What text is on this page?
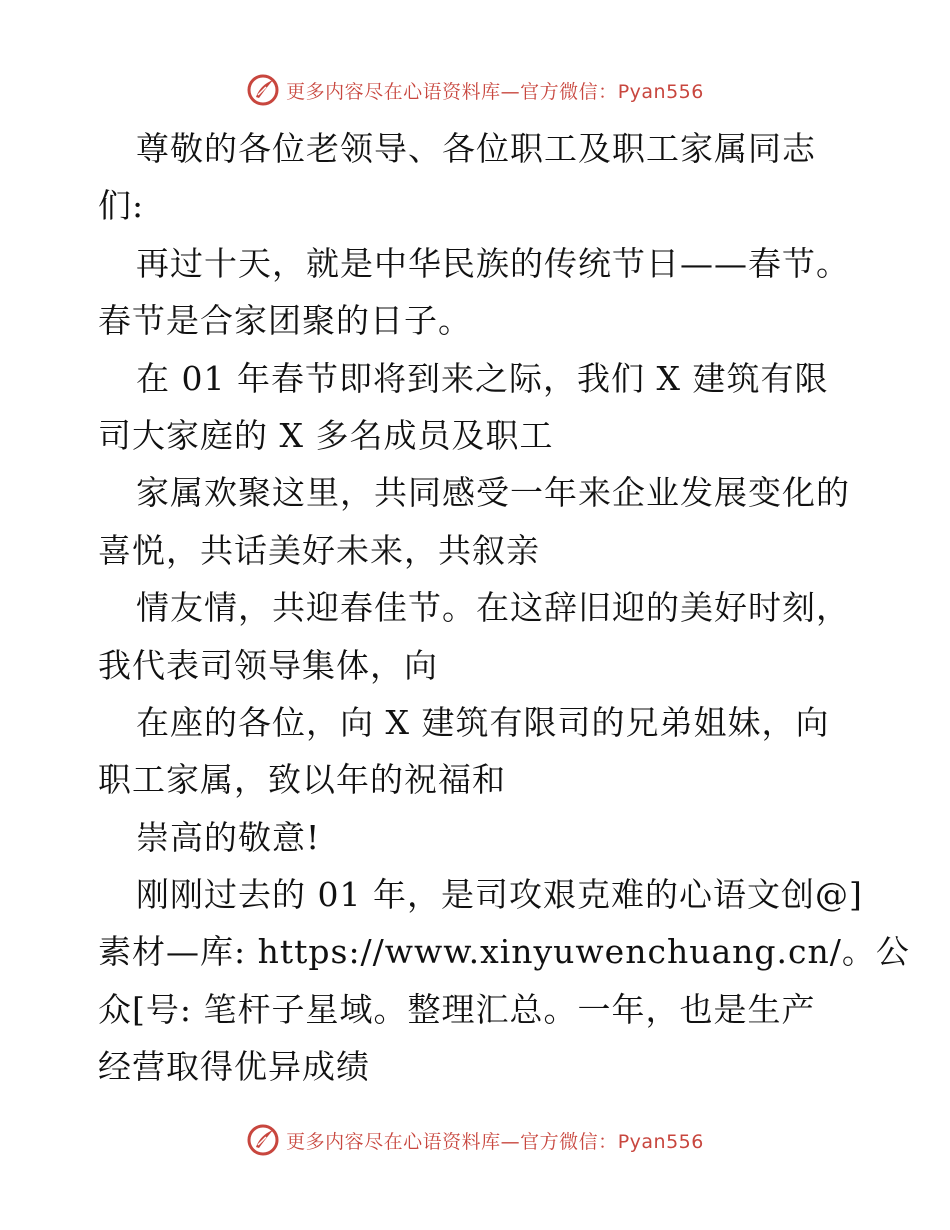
更多内容尽在心语资料库—官方微信：Pyan556
尊敬的各位老领导、各位职工及职工家属同志
们:
再过十天，就是中华民族的传统节日——春节。
春节是合家团聚的日子。
在 01 年春节即将到来之际，我们 X 建筑有限
司大家庭的 X 多名成员及职工
家属欢聚这里，共同感受一年来企业发展变化的
喜悦，共话美好未来，共叙亲
情友情，共迎春佳节。在这辞旧迎的美好时刻，
我代表司领导集体，向
在座的各位，向 X 建筑有限司的兄弟姐妹，向
职工家属，致以年的祝福和
崇高的敬意!
刚刚过去的 01 年，是司攻艰克难的心语文创@]
素材—库: https://www.xinyuwenchuang.cn/。公
众[号: 笔杆子星域。整理汇总。一年，也是生产
经营取得优异成绩
更多内容尽在心语资料库—官方微信：Pyan556
